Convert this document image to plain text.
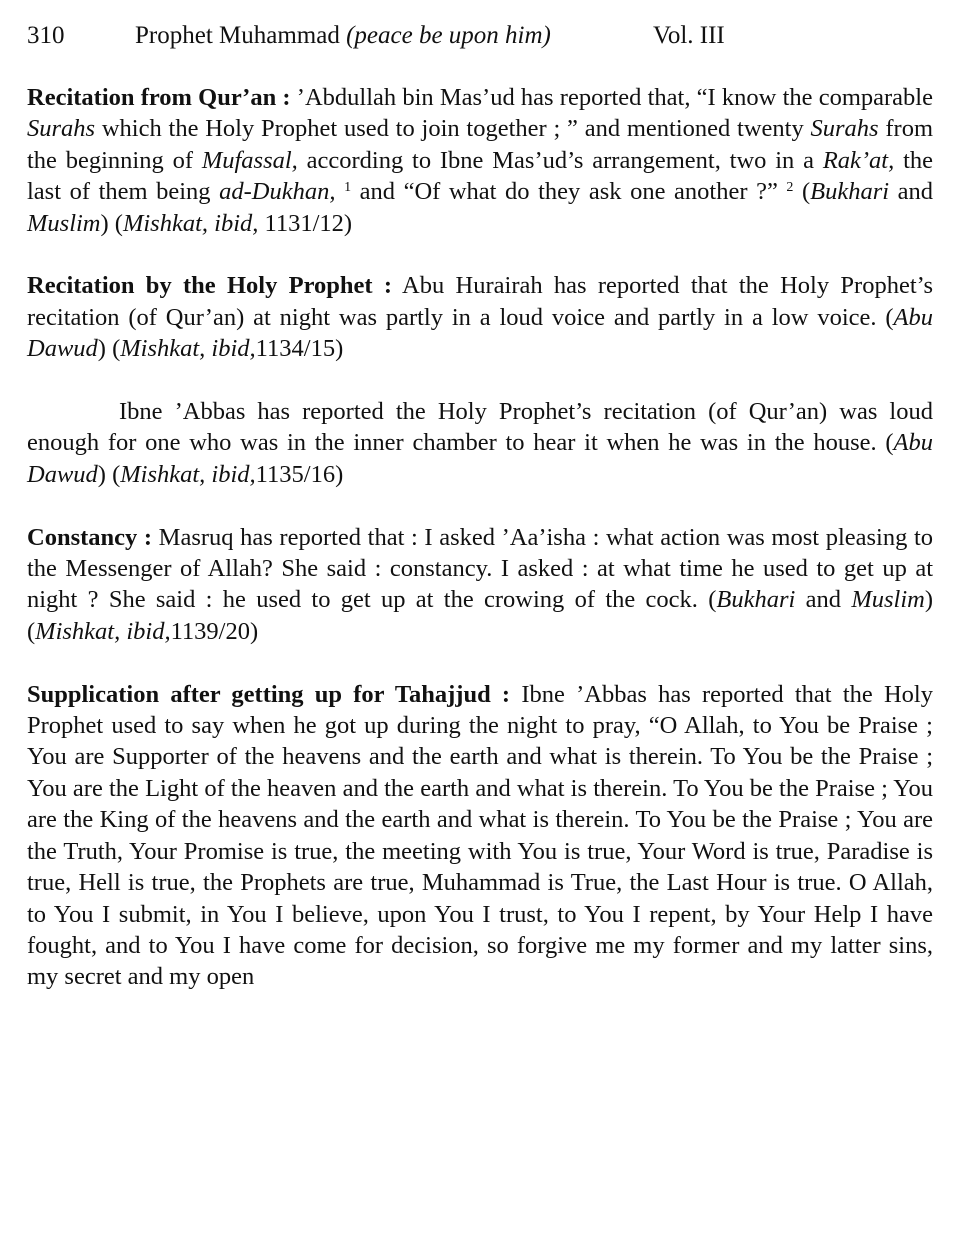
310	Prophet Muhammad (peace be upon him)	Vol. III

Recitation from Qur’an : ’Abdullah bin Mas’ud has reported that, “I know the comparable Surahs which the Holy Prophet used to join together ; ” and mentioned twenty Surahs from the beginning of Mufassal, according to Ibne Mas’ud’s arrangement, two in a Rak’at, the last of them being ad-Dukhan, $^1$ and “Of what do they ask one another ?” $^2$ (Bukhari and Muslim) (Mishkat, ibid, 1131/12)

Recitation by the Holy Prophet : Abu Hurairah has reported that the Holy Prophet’s recitation (of Qur’an) at night was partly in a loud voice and partly in a low voice. (Abu Dawud) (Mishkat, ibid,1134/15)

Ibne ’Abbas has reported the Holy Prophet’s recitation (of Qur’an) was loud enough for one who was in the inner chamber to hear it when he was in the house. (Abu Dawud) (Mishkat, ibid,1135/16)

Constancy : Masruq has reported that : I asked ’Aa’isha : what action was most pleasing to the Messenger of Allah? She said : constancy. I asked : at what time he used to get up at night ? She said : he used to get up at the crowing of the cock. (Bukhari and Muslim) (Mishkat, ibid,1139/20)

Supplication after getting up for Tahajjud : Ibne ’Abbas has reported that the Holy Prophet used to say when he got up during the night to pray, “O Allah, to You be Praise ; You are Supporter of the heavens and the earth and what is therein. To You be the Praise ; You are the Light of the heaven and the earth and what is therein. To You be the Praise ; You are the King of the heavens and the earth and what is therein. To You be the Praise ; You are the Truth, Your Promise is true, the meeting with You is true, Your Word is true, Paradise is true, Hell is true, the Prophets are true, Muhammad is True, the Last Hour is true. O Allah, to You I submit, in You I believe, upon You I trust, to You I repent, by Your Help I have fought, and to You I have come for decision, so forgive me my former and my latter sins, my secret and my open
